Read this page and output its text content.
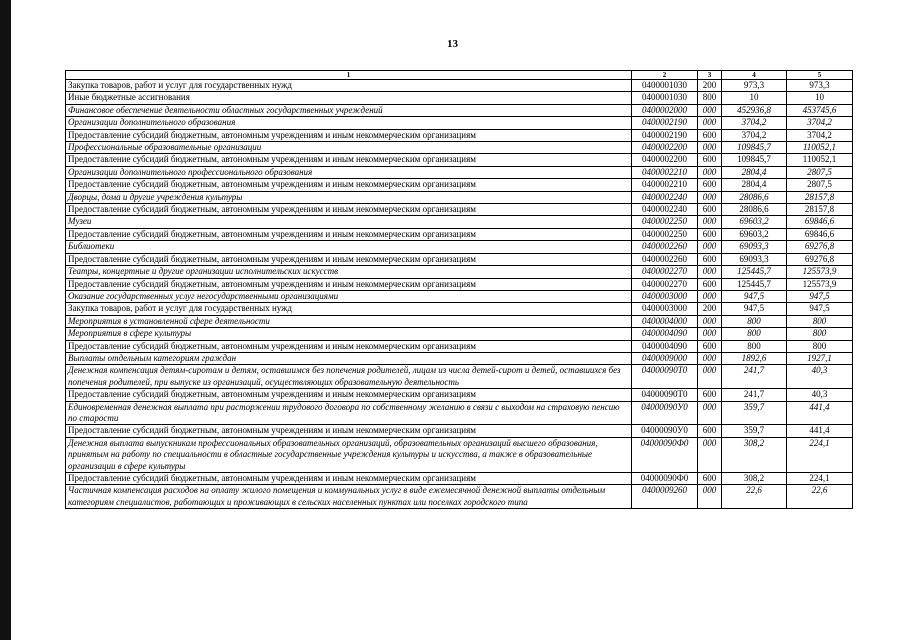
13
1	2	3	4	5
Закупка товаров, работ и услуг для государственных нужд	0400001030	200	973,3	973,3
Иные бюджетные ассигнования	0400001030	800	10	10
Финансовое обеспечение деятельности областных государственных учреждений	0400002000	000	452936,8	453745,6
Организации дополнительного образования	0400002190	000	3704,2	3704,2
Предоставление субсидий бюджетным, автономным учреждениям и иным некоммерческим организациям	0400002190	600	3704,2	3704,2
Профессиональные образовательные организации	0400002200	000	109845,7	110052,1
Предоставление субсидий бюджетным, автономным учреждениям и иным некоммерческим организациям	0400002200	600	109845,7	110052,1
Организации дополнительного профессионального образования	0400002210	000	2804,4	2807,5
Предоставление субсидий бюджетным, автономным учреждениям и иным некоммерческим организациям	0400002210	600	2804,4	2807,5
Дворцы, дома и другие учреждения культуры	0400002240	000	28086,6	28157,8
Предоставление субсидий бюджетным, автономным учреждениям и иным некоммерческим организациям	0400002240	600	28086,6	28157,8
Музеи	0400002250	000	69603,2	69846,6
Предоставление субсидий бюджетным, автономным учреждениям и иным некоммерческим организациям	0400002250	600	69603,2	69846,6
Библиотеки	0400002260	000	69093,3	69276,8
Предоставление субсидий бюджетным, автономным учреждениям и иным некоммерческим организациям	0400002260	600	69093,3	69276,8
Театры, концертные и другие организации исполнительских искусств	0400002270	000	125445,7	125573,9
Предоставление субсидий бюджетным, автономным учреждениям и иным некоммерческим организациям	0400002270	600	125445,7	125573,9
Оказание государственных услуг негосударственными организациями	0400003000	000	947,5	947,5
Закупка товаров, работ и услуг для государственных нужд	0400003000	200	947,5	947,5
Мероприятия в установленной сфере деятельности	0400004000	000	800	800
Мероприятия в сфере культуры	0400004090	000	800	800
Предоставление субсидий бюджетным, автономным учреждениям и иным некоммерческим организациям	0400004090	600	800	800
Выплаты отдельным категориям граждан	0400009000	000	1892,6	1927,1
Денежная компенсация детям-сиротам и детям, оставшимся без попечения родителей, лицам из числа детей-сирот и детей, оставшихся без попечения родителей, при выпуске из организаций, осуществляющих образовательную деятельность	04000090Т0	000	241,7	40,3
Предоставление субсидий бюджетным, автономным учреждениям и иным некоммерческим организациям	04000090Т0	600	241,7	40,3
Единовременная денежная выплата при расторжении трудового договора по собственному желанию в связи с выходом на страховую пенсию по старости	04000090У0	000	359,7	441,4
Предоставление субсидий бюджетным, автономным учреждениям и иным некоммерческим организациям	04000090У0	600	359,7	441,4
Денежная выплата выпускникам профессиональных образовательных организаций, образовательных организаций высшего образования, принятым на работу по специальности в областные государственные учреждения культуры и искусства, а также в образовательные организации в сфере культуры	04000090Ф0	000	308,2	224,1
Предоставление субсидий бюджетным, автономным учреждениям и иным некоммерческим организациям	04000090Ф0	600	308,2	224,1
Частичная компенсация расходов на оплату жилого помещения и коммунальных услуг в виде ежемесячной денежной выплаты отдельным категориям специалистов, работающих и проживающих в сельских населенных пунктах или поселках городского типа	0400009260	000	22,6	22,6
